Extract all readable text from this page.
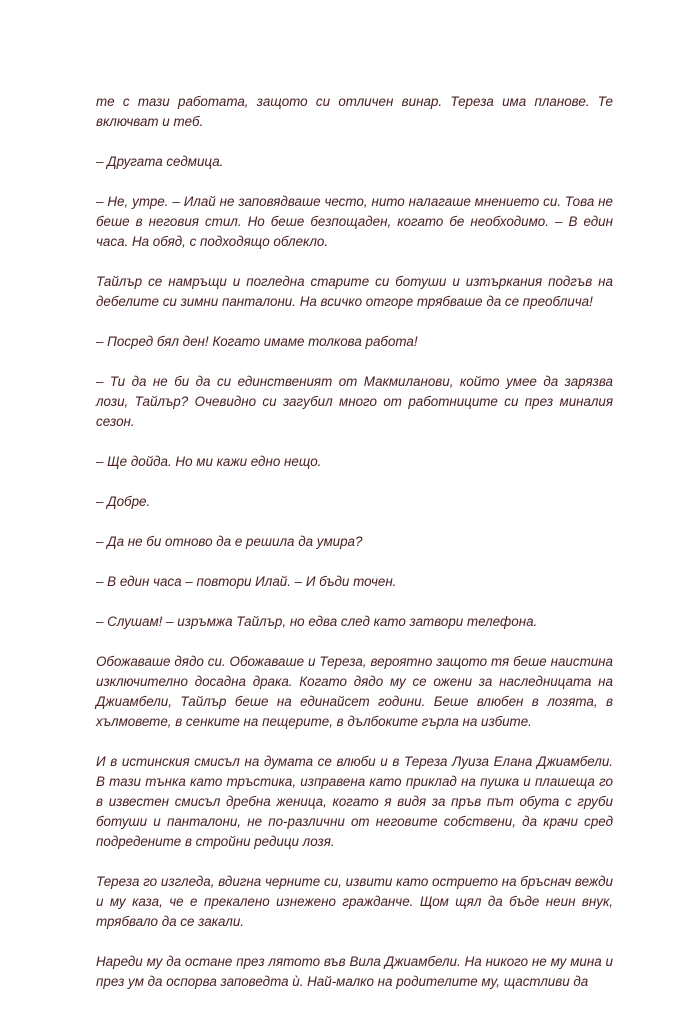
те с тази работата, защото си отличен винар. Тереза има планове. Те включват и теб.

– Другата седмица.

– Не, утре. – Илай не заповядваше често, нито налагаше мнението си. Това не беше в неговия стил. Но беше безпощаден, когато бе необходимо. – В един часа. На обяд, с подходящо облекло.

Тайлър се намръщи и погледна старите си ботуши и изтъркания подгъв на дебелите си зимни панталони. На всичко отгоре трябваше да се преоблича!

– Посред бял ден! Когато имаме толкова работа!

– Ти да не би да си единственият от Макмиланови, който умее да зарязва лози, Тайлър? Очевидно си загубил много от работниците си през миналия сезон.

– Ще дойда. Но ми кажи едно нещо.

– Добре.

– Да не би отново да е решила да умира?

– В един часа – повтори Илай. – И бъди точен.

– Слушам! – изръмжа Тайлър, но едва след като затвори телефона.

Обожаваше дядо си. Обожаваше и Тереза, вероятно защото тя беше наистина изключително досадна драка. Когато дядо му се ожени за наследницата на Джиамбели, Тайлър беше на единайсет години. Беше влюбен в лозята, в хълмовете, в сенките на пещерите, в дълбоките гърла на избите.

И в истинския смисъл на думата се влюби и в Тереза Луиза Елана Джиамбели. В тази тънка като тръстика, изправена като приклад на пушка и плашеща го в известен смисъл дребна женица, когато я видя за пръв път обута с груби ботуши и панталони, не по-различни от неговите собствени, да крачи сред подредените в стройни редици лозя.

Тереза го изгледа, вдигна черните си, извити като острието на бръснач вежди и му каза, че е прекалено изнежено гражданче. Щом щял да бъде неин внук, трябвало да се закали.

Нареди му да остане през лятото във Вила Джиамбели. На никого не му мина и през ум да оспорва заповедта ѝ. Най-малко на родителите му, щастливи да
